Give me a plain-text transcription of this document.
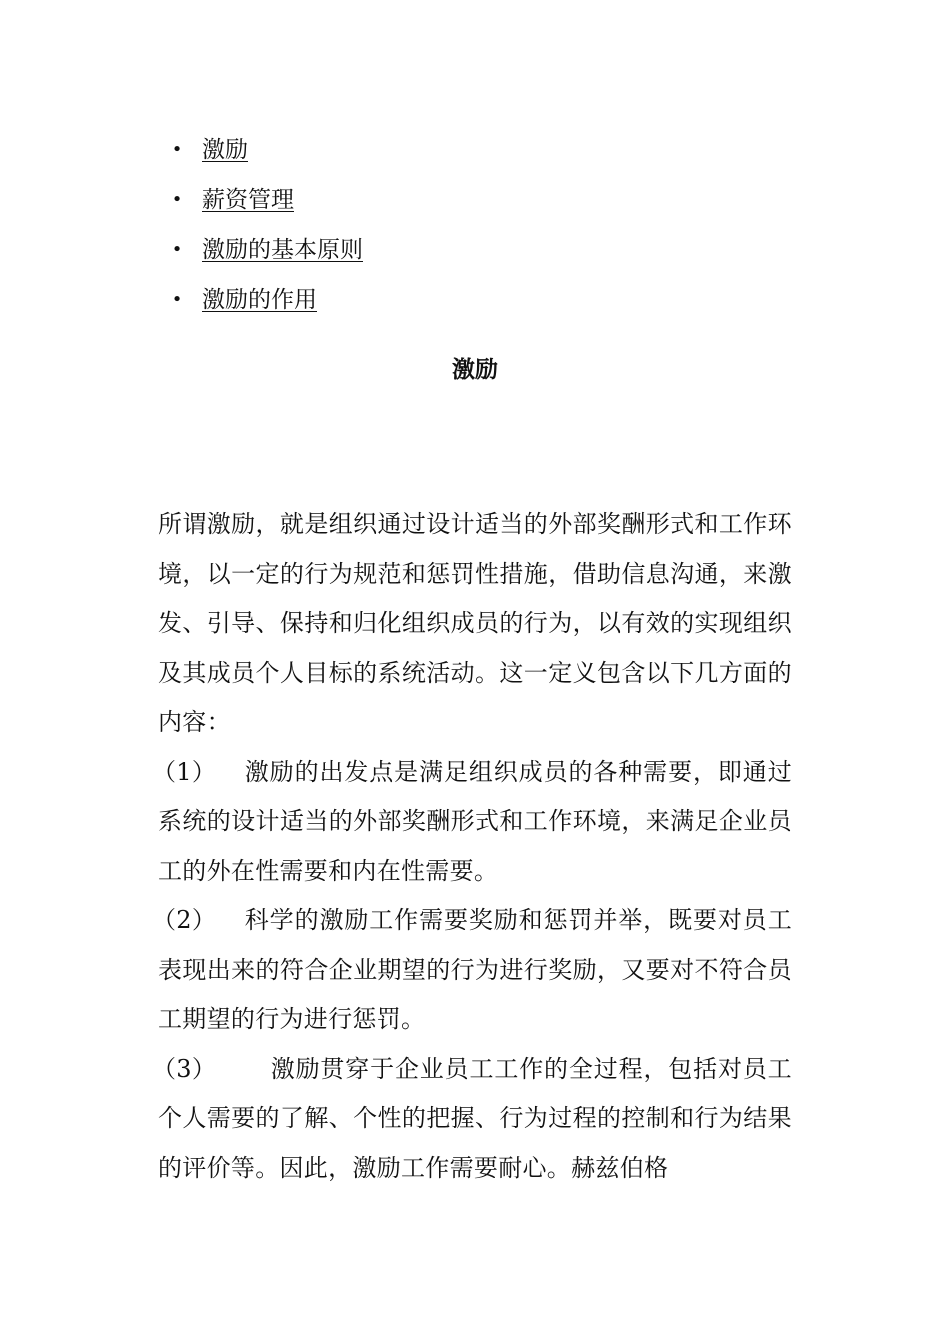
• 激励
• 薪资管理
• 激励的基本原则
• 激励的作用
激励

所谓激励，就是组织通过设计适当的外部奖酬形式和工作环境，以一定的行为规范和惩罚性措施，借助信息沟通，来激发、引导、保持和归化组织成员的行为，以有效的实现组织及其成员个人目标的系统活动。这一定义包含以下几方面的内容：

（1） 激励的出发点是满足组织成员的各种需要，即通过系统的设计适当的外部奖酬形式和工作环境，来满足企业员工的外在性需要和内在性需要。

（2） 科学的激励工作需要奖励和惩罚并举，既要对员工表现出来的符合企业期望的行为进行奖励，又要对不符合员工期望的行为进行惩罚。

（3） 激励贯穿于企业员工工作的全过程，包括对员工个人需要的了解、个性的把握、行为过程的控制和行为结果的评价等。因此，激励工作需要耐心。赫兹伯格
